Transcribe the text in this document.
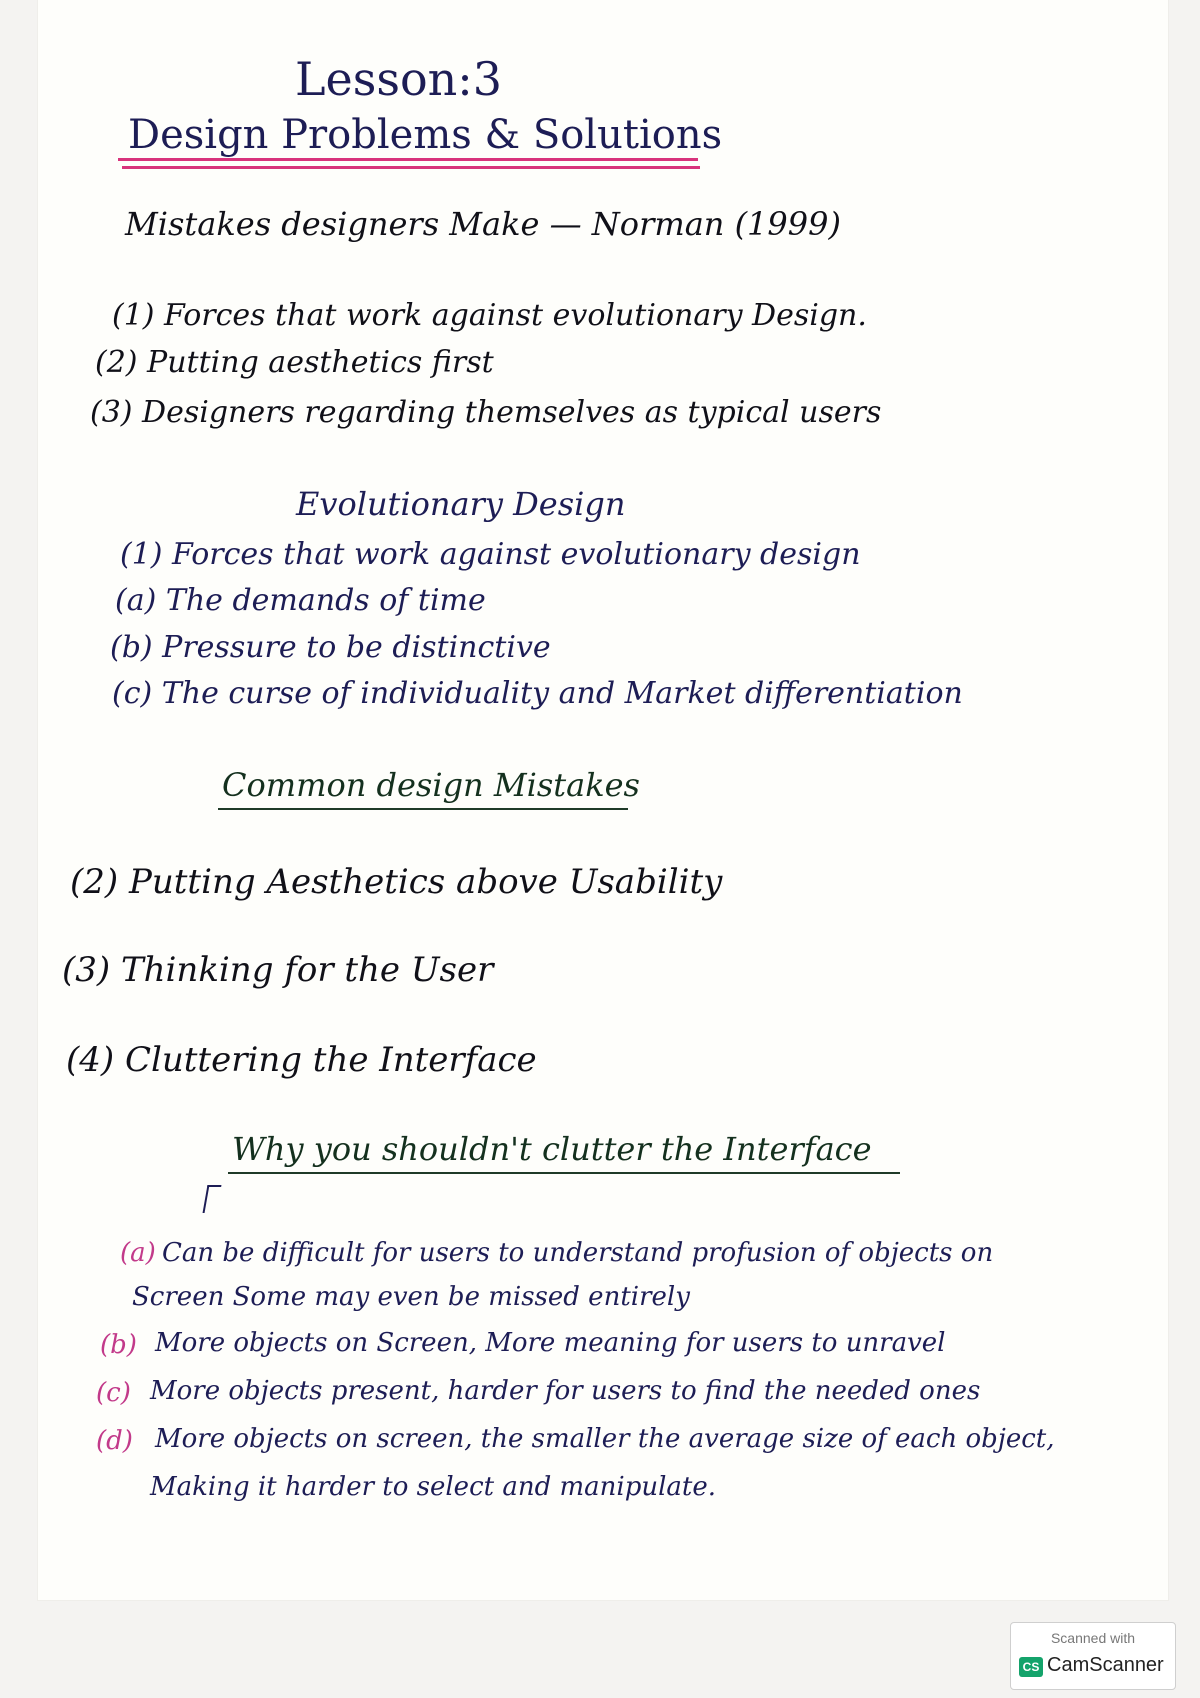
Lesson:3
Design Problems & Solutions
Mistakes designers Make — Norman (1999)
(1) Forces that work against evolutionary Design.
(2) Putting aesthetics first
(3) Designers regarding themselves as typical users
Evolutionary Design
(1) Forces that work against evolutionary design
(a) The demands of time
(b) Pressure to be distinctive
(c) The curse of individuality and Market differentiation
Common design Mistakes
(2) Putting Aesthetics above Usability
(3) Thinking for the User
(4) Cluttering the Interface
Why you shouldn't clutter the Interface
(a) Can be difficult for users to understand profusion of objects on
Screen Some may even be missed entirely
(b) More objects on Screen, More meaning for users to unravel
(c) More objects present, harder for users to find the needed ones
(d) More objects on screen, the smaller the average size of each object,
Making it harder to select and manipulate.
Scanned with
CS CamScanner
